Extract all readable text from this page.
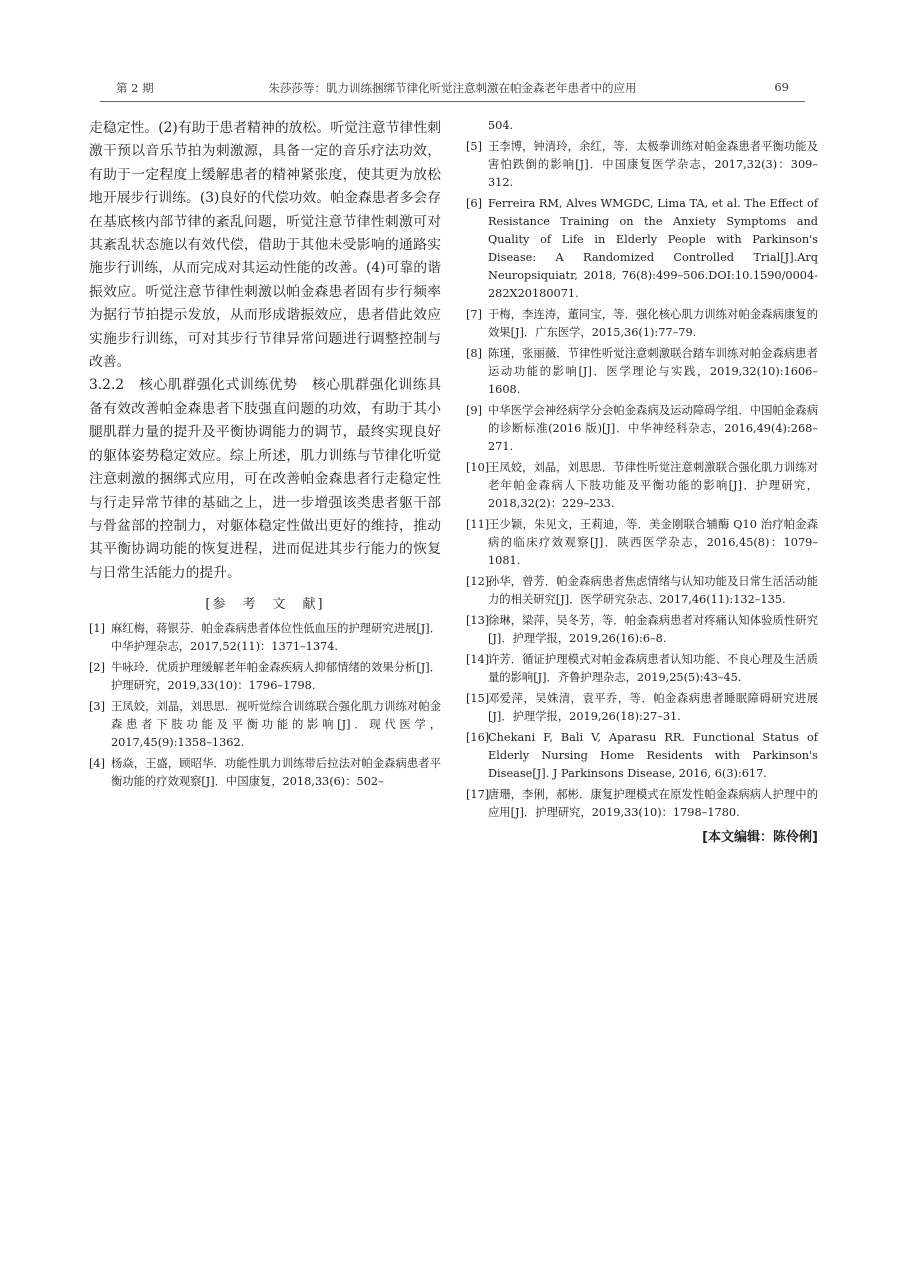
第 2 期	朱莎莎等：肌力训练捆绑节律化听觉注意刺激在帕金森老年患者中的应用	69

走稳定性。(2)有助于患者精神的放松。听觉注意节律性刺激干预以音乐节拍为刺激源，具备一定的音乐疗法功效，有助于一定程度上缓解患者的精神紧张度，使其更为放松地开展步行训练。(3)良好的代偿功效。帕金森患者多会存在基底核内部节律的紊乱问题，听觉注意节律性刺激可对其紊乱状态施以有效代偿，借助于其他未受影响的通路实施步行训练，从而完成对其运动性能的改善。(4)可靠的谐振效应。听觉注意节律性刺激以帕金森患者固有步行频率为据行节拍提示发放，从而形成谐振效应，患者借此效应实施步行训练，可对其步行节律异常问题进行调整控制与改善。

3.2.2　核心肌群强化式训练优势　 核心肌群强化训练具备有效改善帕金森患者下肢强直问题的功效，有助于其小腿肌群力量的提升及平衡协调能力的调节，最终实现良好的躯体姿势稳定效应。综上所述，肌力训练与节律化听觉注意刺激的捆绑式应用，可在改善帕金森患者行走稳定性与行走异常节律的基础之上，进一步增强该类患者躯干部与骨盆部的控制力，对躯体稳定性做出更好的维持，推动其平衡协调功能的恢复进程，进而促进其步行能力的恢复与日常生活能力的提升。

[参　考　文　献]
[1] 麻红梅，蒋银芬．帕金森病患者体位性低血压的护理研究进展[J]．中华护理杂志，2017,52(11)：1371–1374.
[2] 牛咏玲．优质护理缓解老年帕金森疾病人抑郁情绪的效果分析[J]．护理研究，2019,33(10)：1796–1798.
[3] 王凤姣，刘晶，刘思思．视听觉综合训练联合强化肌力训练对帕金森患者下肢功能及平衡功能的影响[J]．现代医学，2017,45(9):1358–1362.
[4] 杨焱，王盛，顾昭华．功能性肌力训练带后拉法对帕金森病患者平衡功能的疗效观察[J]．中国康复，2018,33(6)：502–
504.
[5] 王李博，钟清玲，余红，等．太极拳训练对帕金森患者平衡功能及害怕跌倒的影响[J]．中国康复医学杂志，2017,32(3)：309–312.
[6] Ferreira RM, Alves WMGDC, Lima TA, et al. The Effect of Resistance Training on the Anxiety Symptoms and Quality of Life in Elderly People with Parkinson's Disease: A Randomized Controlled Trial[J].Arq Neuropsiquiatr, 2018, 76(8):499–506.DOI:10.1590/0004-282X20180071.
[7] 于梅，李连涛，董同宝，等．强化核心肌力训练对帕金森病康复的效果[J]．广东医学，2015,36(1):77–79.
[8] 陈瑾，张丽薇．节律性听觉注意刺激联合踏车训练对帕金森病患者运动功能的影响[J]．医学理论与实践，2019,32(10):1606–1608.
[9] 中华医学会神经病学分会帕金森病及运动障碍学组．中国帕金森病的诊断标准(2016 版)[J]．中华神经科杂志，2016,49(4):268–271.
[10]
王凤姣，刘晶，刘思思．节律性听觉注意刺激联合强化肌力训练对老年帕金森病人下肢功能及平衡功能的影响[J]．护理研究，2018,32(2)：229–233.
[11]
王少颖，朱见文，王莉迪，等．美金刚联合辅酶 Q10 治疗帕金森病的临床疗效观察[J]．陕西医学杂志，2016,45(8)：1079–1081.
[12]
孙华，曾芳．帕金森病患者焦虑情绪与认知功能及日常生活活动能力的相关研究[J]．医学研究杂志、2017,46(11):132–135.
[13]
徐琳，梁萍，吴冬芳，等．帕金森病患者对疼痛认知体验质性研究[J]．护理学报，2019,26(16):6–8.
[14]
许芳．循证护理模式对帕金森病患者认知功能、不良心理及生活质量的影响[J]．齐鲁护理杂志，2019,25(5):43–45.
[15]
邓爱萍，吴姝清，袁平乔，等．帕金森病患者睡眠障碍研究进展[J]．护理学报，2019,26(18):27–31.
[16]
Chekani F, Bali V, Aparasu RR. Functional Status of Elderly Nursing Home Residents with Parkinson's Disease[J]. J Parkinsons Disease, 2016, 6(3):617.
[17]
唐珊，李俐，郝彬．康复护理模式在原发性帕金森病病人护理中的应用[J]．护理研究，2019,33(10)：1798–1780.
[本文编辑：陈伶俐]
